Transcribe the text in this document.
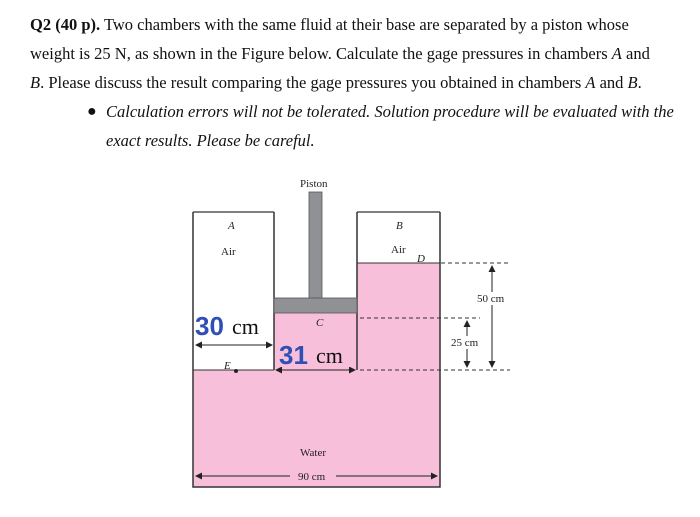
Q2 (40 p). Two chambers with the same fluid at their base are separated by a piston whose
weight is 25 N, as shown in the Figure below. Calculate the gage pressures in chambers A and
B. Please discuss the result comparing the gage pressures you obtained in chambers A and B.
● Calculation errors will not be tolerated. Solution procedure will be evaluated with the exact results. Please be careful.
Piston
A
Air
B
Air
D
C
E
Water
90 cm
50 cm
25 cm
30 cm
31 cm
